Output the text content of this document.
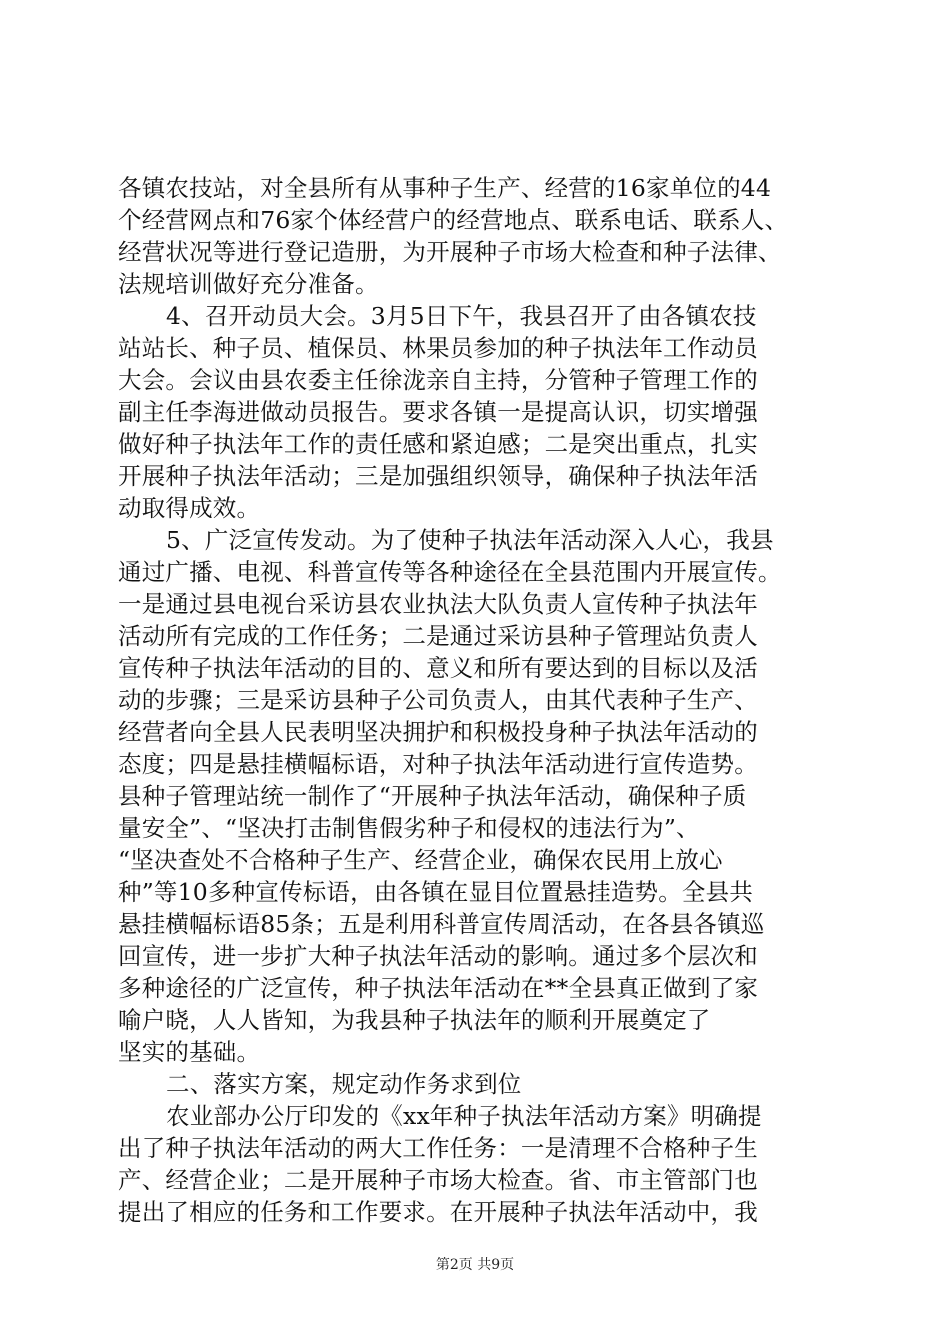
各镇农技站，对全县所有从事种子生产、经营的16家单位的44
个经营网点和76家个体经营户的经营地点、联系电话、联系人、
经营状况等进行登记造册，为开展种子市场大检查和种子法律、
法规培训做好充分准备。
4、召开动员大会。3月5日下午，我县召开了由各镇农技
站站长、种子员、植保员、林果员参加的种子执法年工作动员
大会。会议由县农委主任徐泷亲自主持，分管种子管理工作的
副主任李海进做动员报告。要求各镇一是提高认识，切实增强
做好种子执法年工作的责任感和紧迫感；二是突出重点，扎实
开展种子执法年活动；三是加强组织领导，确保种子执法年活
动取得成效。
5、广泛宣传发动。为了使种子执法年活动深入人心，我县
通过广播、电视、科普宣传等各种途径在全县范围内开展宣传。
一是通过县电视台采访县农业执法大队负责人宣传种子执法年
活动所有完成的工作任务；二是通过采访县种子管理站负责人
宣传种子执法年活动的目的、意义和所有要达到的目标以及活
动的步骤；三是采访县种子公司负责人，由其代表种子生产、
经营者向全县人民表明坚决拥护和积极投身种子执法年活动的
态度；四是悬挂横幅标语，对种子执法年活动进行宣传造势。
县种子管理站统一制作了“开展种子执法年活动，确保种子质
量安全”、“坚决打击制售假劣种子和侵权的违法行为”、
“坚决查处不合格种子生产、经营企业，确保农民用上放心
种”等10多种宣传标语，由各镇在显目位置悬挂造势。全县共
悬挂横幅标语85条；五是利用科普宣传周活动，在各县各镇巡
回宣传，进一步扩大种子执法年活动的影响。通过多个层次和
多种途径的广泛宣传，种子执法年活动在**全县真正做到了家
喻户晓，人人皆知，为我县种子执法年的顺利开展奠定了
坚实的基础。
二、落实方案，规定动作务求到位
农业部办公厅印发的《xx年种子执法年活动方案》明确提
出了种子执法年活动的两大工作任务：一是清理不合格种子生
产、经营企业；二是开展种子市场大检查。省、市主管部门也
提出了相应的任务和工作要求。在开展种子执法年活动中，我
第2页 共9页
